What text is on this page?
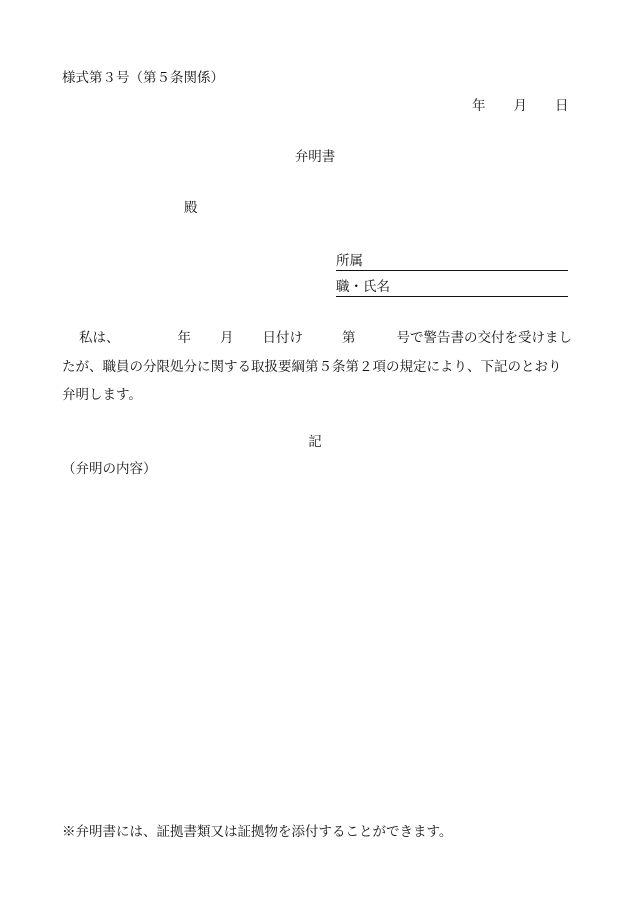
様式第３号（第５条関係）
年 月 日
弁明書
殿
所属
職・氏名
私は、	年 月 日付け	第	号で警告書の交付を受けまし
たが、職員の分限処分に関する取扱要綱第５条第２項の規定により、下記のとおり
弁明します。
記
（弁明の内容）
※弁明書には、証拠書類又は証拠物を添付することができます。
